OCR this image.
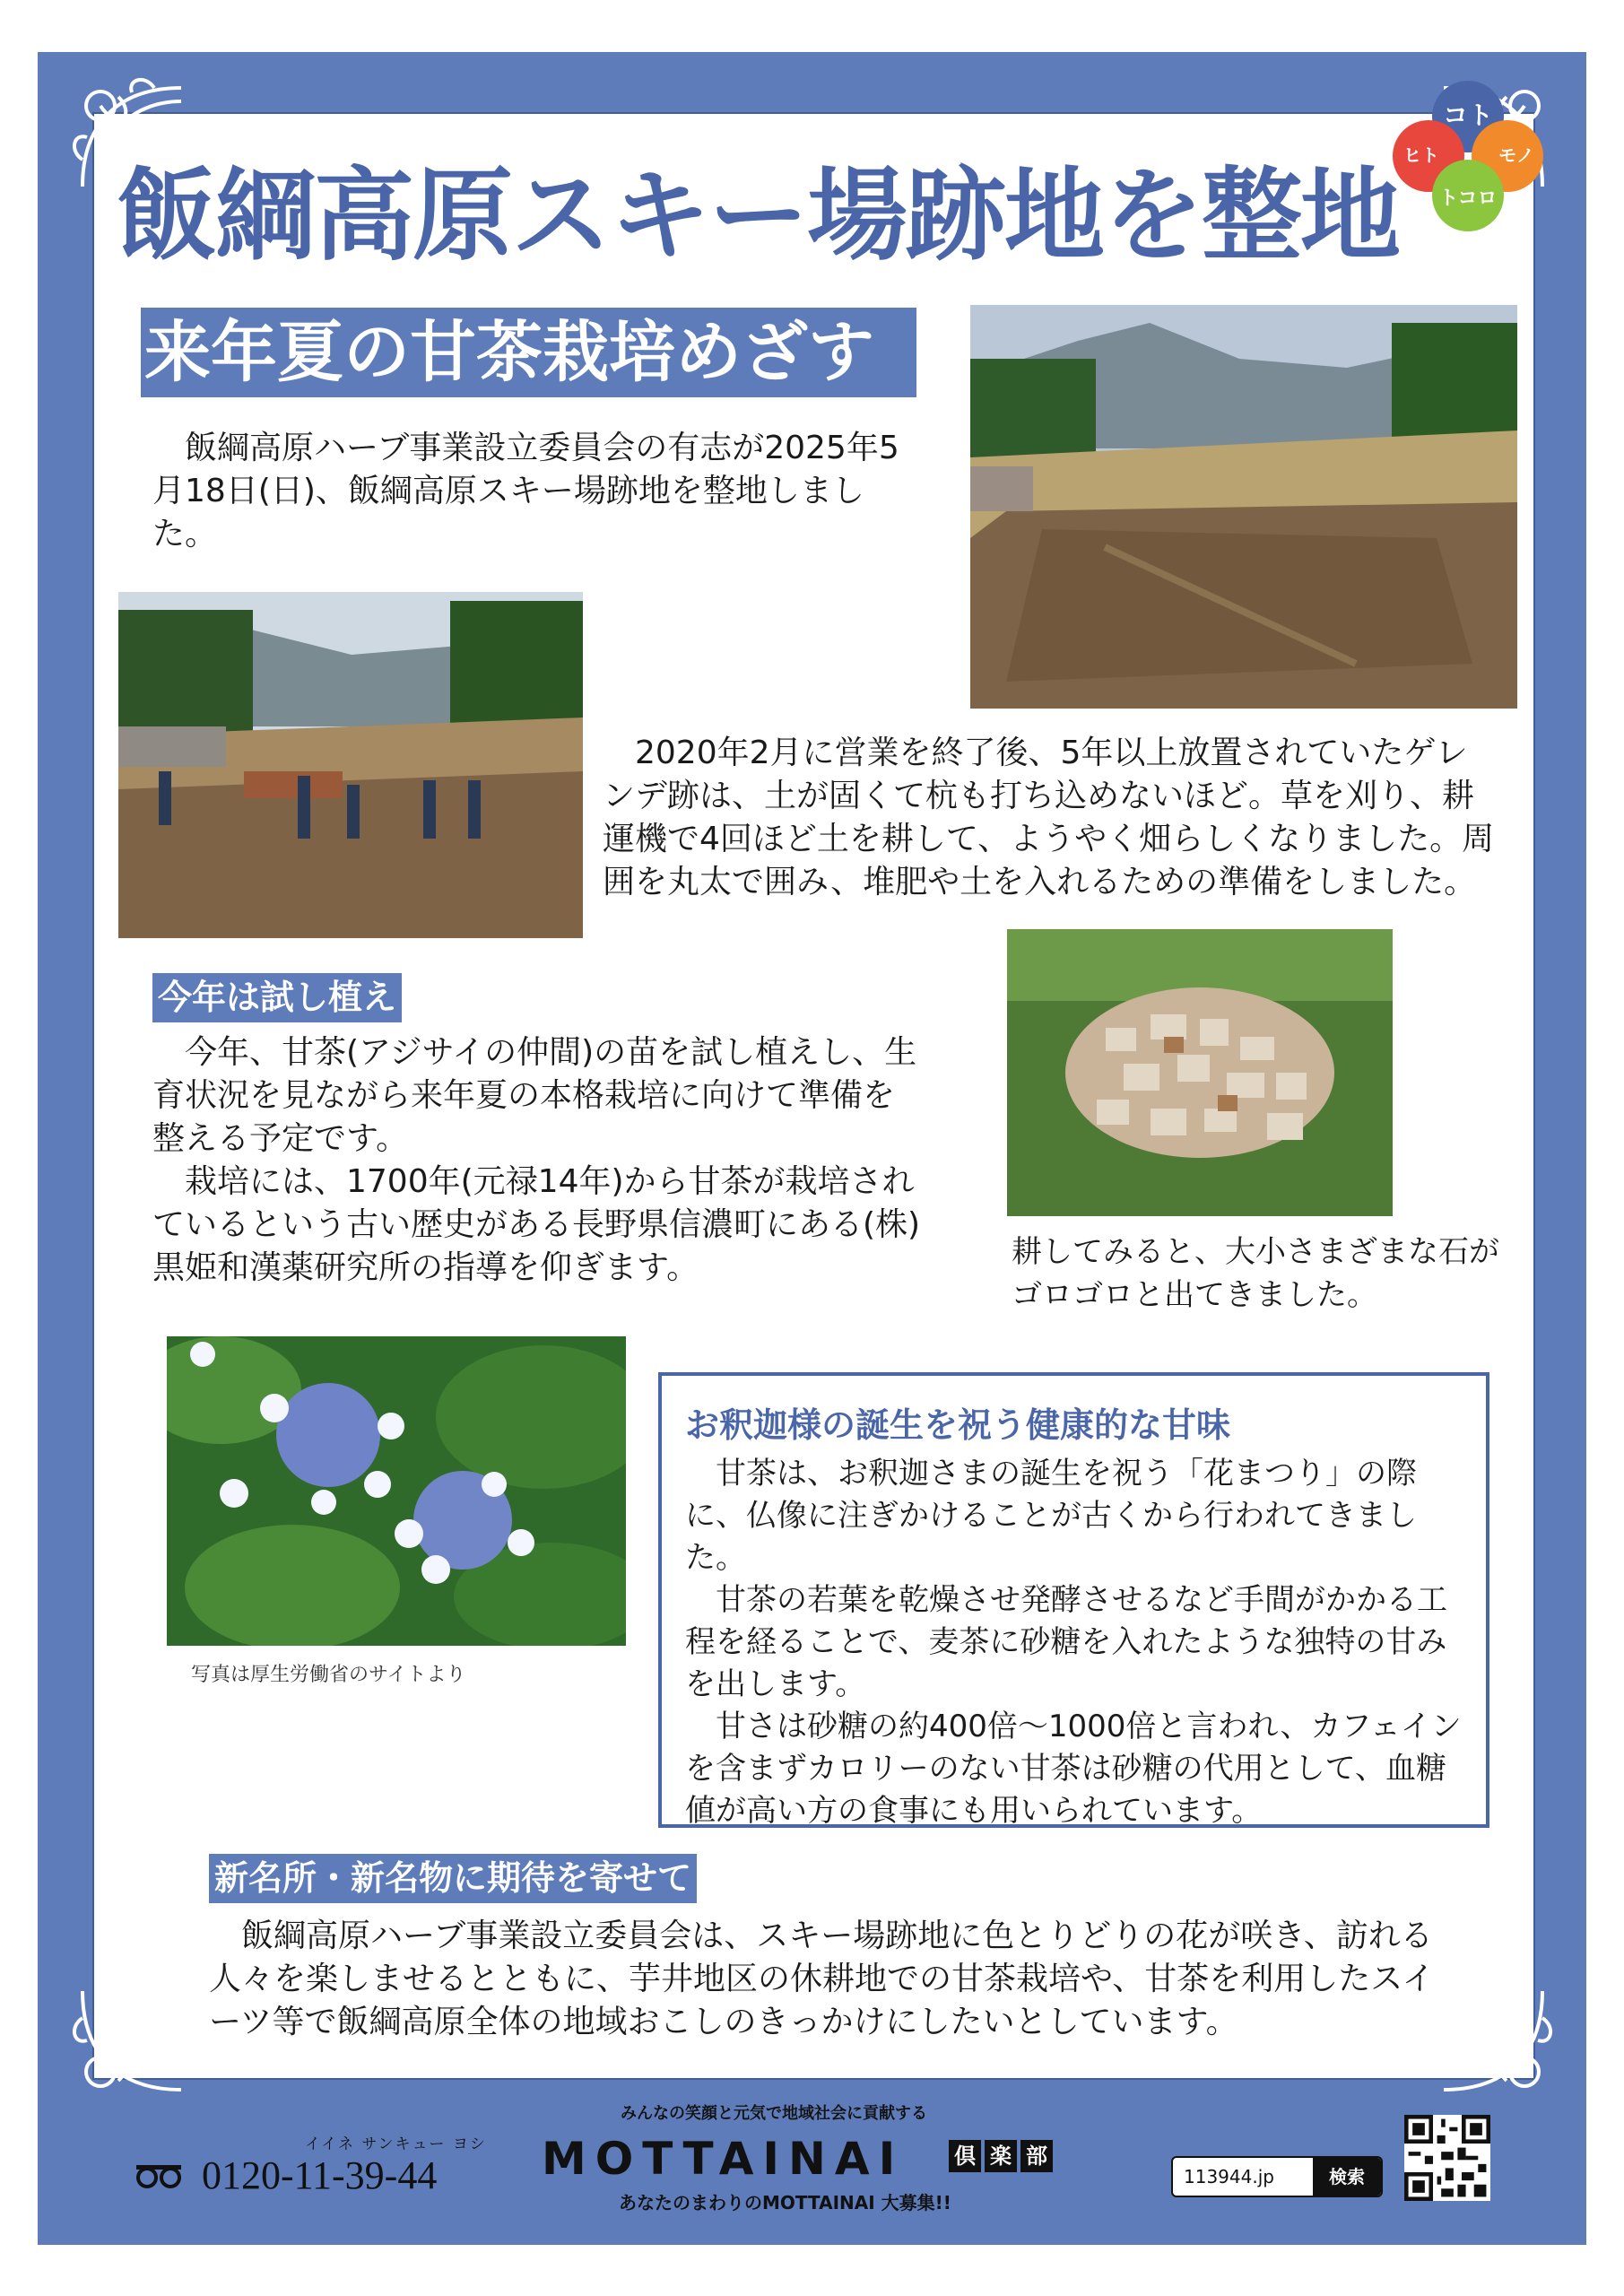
コト
ヒト	モノ
トコロ
飯綱高原スキー場跡地を整地
来年夏の甘茶栽培めざす

飯綱高原ハーブ事業設立委員会の有志が2025年5月18日(日)、飯綱高原スキー場跡地を整地しました。

2020年2月に営業を終了後、5年以上放置されていたゲレンデ跡は、土が固くて杭も打ち込めないほど。草を刈り、耕運機で4回ほど土を耕して、ようやく畑らしくなりました。周囲を丸太で囲み、堆肥や土を入れるための準備をしました。

今年は試し植え

今年、甘茶(アジサイの仲間)の苗を試し植えし、生育状況を見ながら来年夏の本格栽培に向けて準備を整える予定です。

栽培には、1700年(元禄14年)から甘茶が栽培されているという古い歴史がある長野県信濃町にある(株)黒姫和漢薬研究所の指導を仰ぎます。	耕してみると、大小さまざまな石がゴロゴロと出てきました。
写真は厚生労働省のサイトより
お釈迦様の誕生を祝う健康的な甘味

甘茶は、お釈迦さまの誕生を祝う「花まつり」の際に、仏像に注ぎかけることが古くから行われてきました。

甘茶の若葉を乾燥させ発酵させるなど手間がかかる工程を経ることで、麦茶に砂糖を入れたような独特の甘みを出します。

甘さは砂糖の約400倍～1000倍と言われ、カフェインを含まずカロリーのない甘茶は砂糖の代用として、血糖値が高い方の食事にも用いられています。

新名所・新名物に期待を寄せて

飯綱高原ハーブ事業設立委員会は、スキー場跡地に色とりどりの花が咲き、訪れる人々を楽しませるとともに、芋井地区の休耕地での甘茶栽培や、甘茶を利用したスイーツ等で飯綱高原全体の地域おこしのきっかけにしたいとしています。

イイネ サンキュー ヨシ
0120-11-39-44
みんなの笑顔と元気で地域社会に貢献する
MOTTAINAI 倶 楽 部
あなたのまわりのMOTTAINAI 大募集!!
113944.jp	検索
